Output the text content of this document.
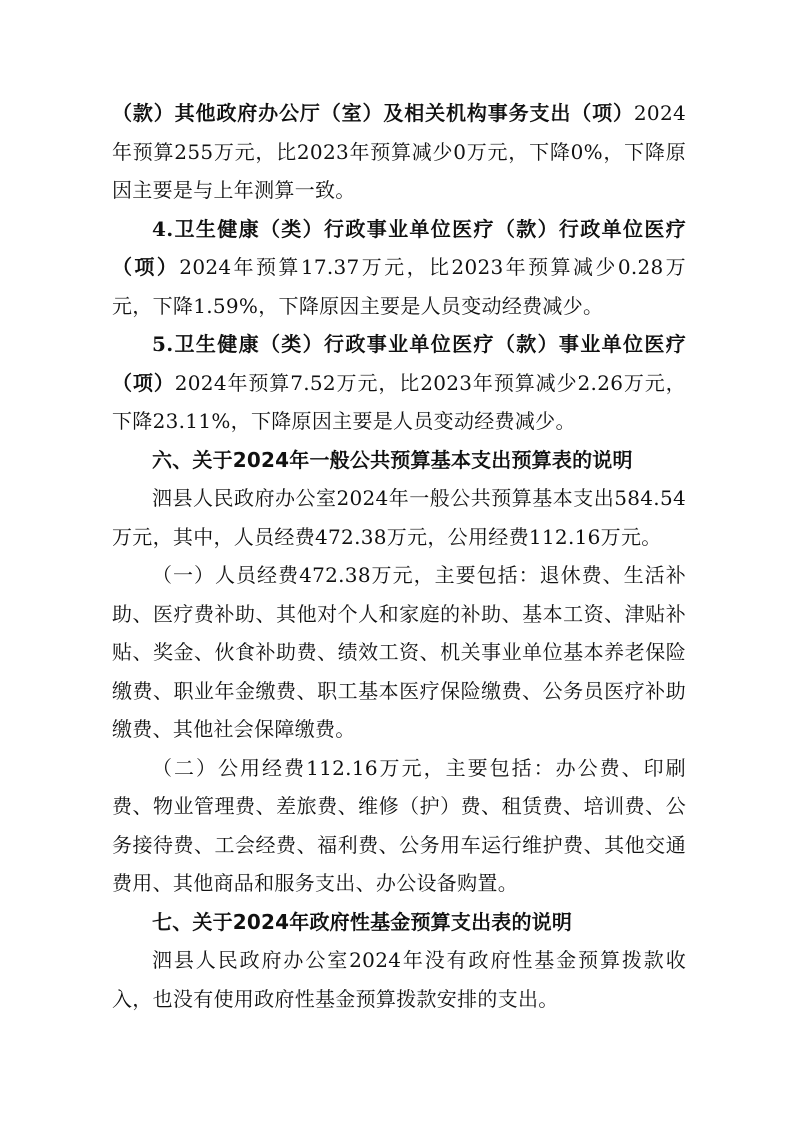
（款）其他政府办公厅（室）及相关机构事务支出（项）2024年预算255万元，比2023年预算减少0万元，下降0%，下降原因主要是与上年测算一致。

4.卫生健康（类）行政事业单位医疗（款）行政单位医疗（项）2024年预算17.37万元，比2023年预算减少0.28万元，下降1.59%，下降原因主要是人员变动经费减少。

5.卫生健康（类）行政事业单位医疗（款）事业单位医疗（项）2024年预算7.52万元，比2023年预算减少2.26万元，下降23.11%，下降原因主要是人员变动经费减少。

六、关于2024年一般公共预算基本支出预算表的说明

泗县人民政府办公室2024年一般公共预算基本支出584.54万元，其中，人员经费472.38万元，公用经费112.16万元。

（一）人员经费472.38万元，主要包括：退休费、生活补助、医疗费补助、其他对个人和家庭的补助、基本工资、津贴补贴、奖金、伙食补助费、绩效工资、机关事业单位基本养老保险缴费、职业年金缴费、职工基本医疗保险缴费、公务员医疗补助缴费、其他社会保障缴费。

（二）公用经费112.16万元，主要包括：办公费、印刷费、物业管理费、差旅费、维修（护）费、租赁费、培训费、公务接待费、工会经费、福利费、公务用车运行维护费、其他交通费用、其他商品和服务支出、办公设备购置。

七、关于2024年政府性基金预算支出表的说明

泗县人民政府办公室2024年没有政府性基金预算拨款收入，也没有使用政府性基金预算拨款安排的支出。
